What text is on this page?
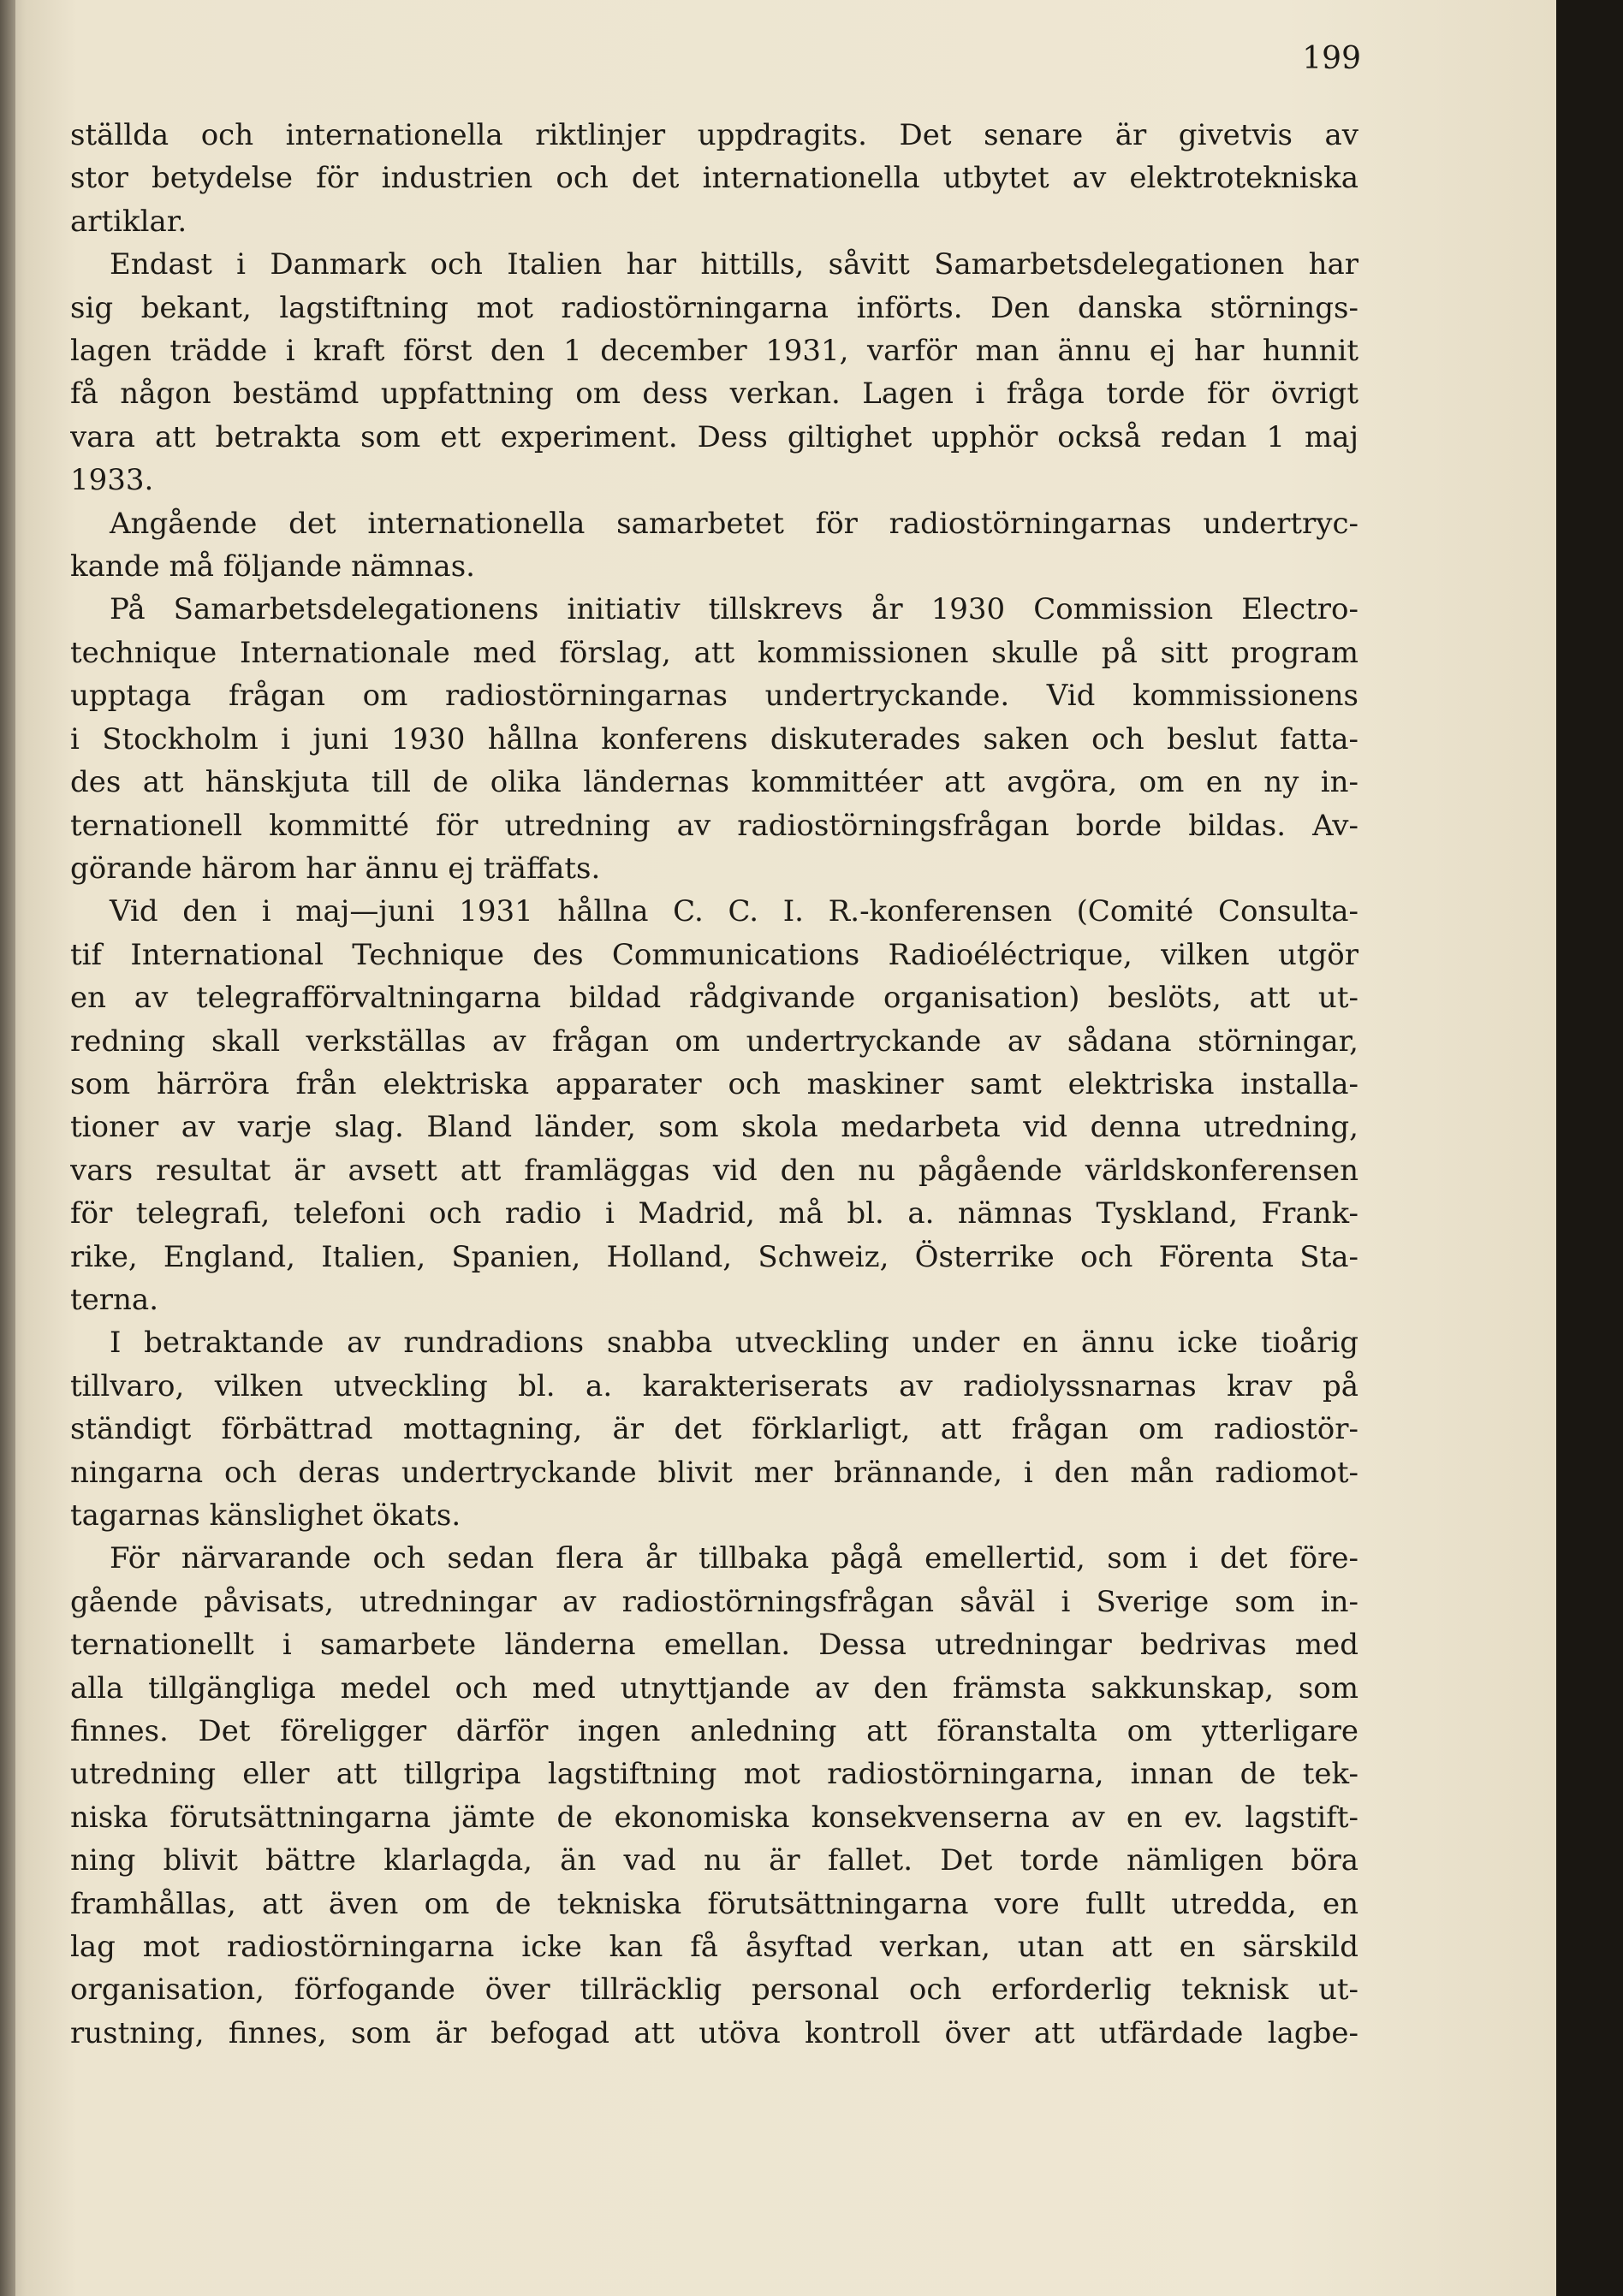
199
ställda och internationella riktlinjer uppdragits. Det senare är givetvis av
stor betydelse för industrien och det internationella utbytet av elektrotekniska
artiklar.
Endast i Danmark och Italien har hittills, såvitt Samarbetsdelegationen har
sig bekant, lagstiftning mot radiostörningarna införts. Den danska störnings-
lagen trädde i kraft först den 1 december 1931, varför man ännu ej har hunnit
få någon bestämd uppfattning om dess verkan. Lagen i fråga torde för övrigt
vara att betrakta som ett experiment. Dess giltighet upphör också redan 1 maj
1933.
Angående det internationella samarbetet för radiostörningarnas undertryc-
kande må följande nämnas.
På Samarbetsdelegationens initiativ tillskrevs år 1930 Commission Electro-
technique Internationale med förslag, att kommissionen skulle på sitt program
upptaga frågan om radiostörningarnas undertryckande. Vid kommissionens
i Stockholm i juni 1930 hållna konferens diskuterades saken och beslut fatta-
des att hänskjuta till de olika ländernas kommittéer att avgöra, om en ny in-
ternationell kommitté för utredning av radiostörningsfrågan borde bildas. Av-
görande härom har ännu ej träffats.
Vid den i maj—juni 1931 hållna C. C. I. R.-konferensen (Comité Consulta-
tif International Technique des Communications Radioéléctrique, vilken utgör
en av telegrafförvaltningarna bildad rådgivande organisation) beslöts, att ut-
redning skall verkställas av frågan om undertryckande av sådana störningar,
som härröra från elektriska apparater och maskiner samt elektriska installa-
tioner av varje slag. Bland länder, som skola medarbeta vid denna utredning,
vars resultat är avsett att framläggas vid den nu pågående världskonferensen
för telegrafi, telefoni och radio i Madrid, må bl. a. nämnas Tyskland, Frank-
rike, England, Italien, Spanien, Holland, Schweiz, Österrike och Förenta Sta-
terna.
I betraktande av rundradions snabba utveckling under en ännu icke tioårig
tillvaro, vilken utveckling bl. a. karakteriserats av radiolyssnarnas krav på
ständigt förbättrad mottagning, är det förklarligt, att frågan om radiostör-
ningarna och deras undertryckande blivit mer brännande, i den mån radiomot-
tagarnas känslighet ökats.
För närvarande och sedan flera år tillbaka pågå emellertid, som i det före-
gående påvisats, utredningar av radiostörningsfrågan såväl i Sverige som in-
ternationellt i samarbete länderna emellan. Dessa utredningar bedrivas med
alla tillgängliga medel och med utnyttjande av den främsta sakkunskap, som
finnes. Det föreligger därför ingen anledning att föranstalta om ytterligare
utredning eller att tillgripa lagstiftning mot radiostörningarna, innan de tek-
niska förutsättningarna jämte de ekonomiska konsekvenserna av en ev. lagstift-
ning blivit bättre klarlagda, än vad nu är fallet. Det torde nämligen böra
framhållas, att även om de tekniska förutsättningarna vore fullt utredda, en
lag mot radiostörningarna icke kan få åsyftad verkan, utan att en särskild
organisation, förfogande över tillräcklig personal och erforderlig teknisk ut-
rustning, finnes, som är befogad att utöva kontroll över att utfärdade lagbe-
